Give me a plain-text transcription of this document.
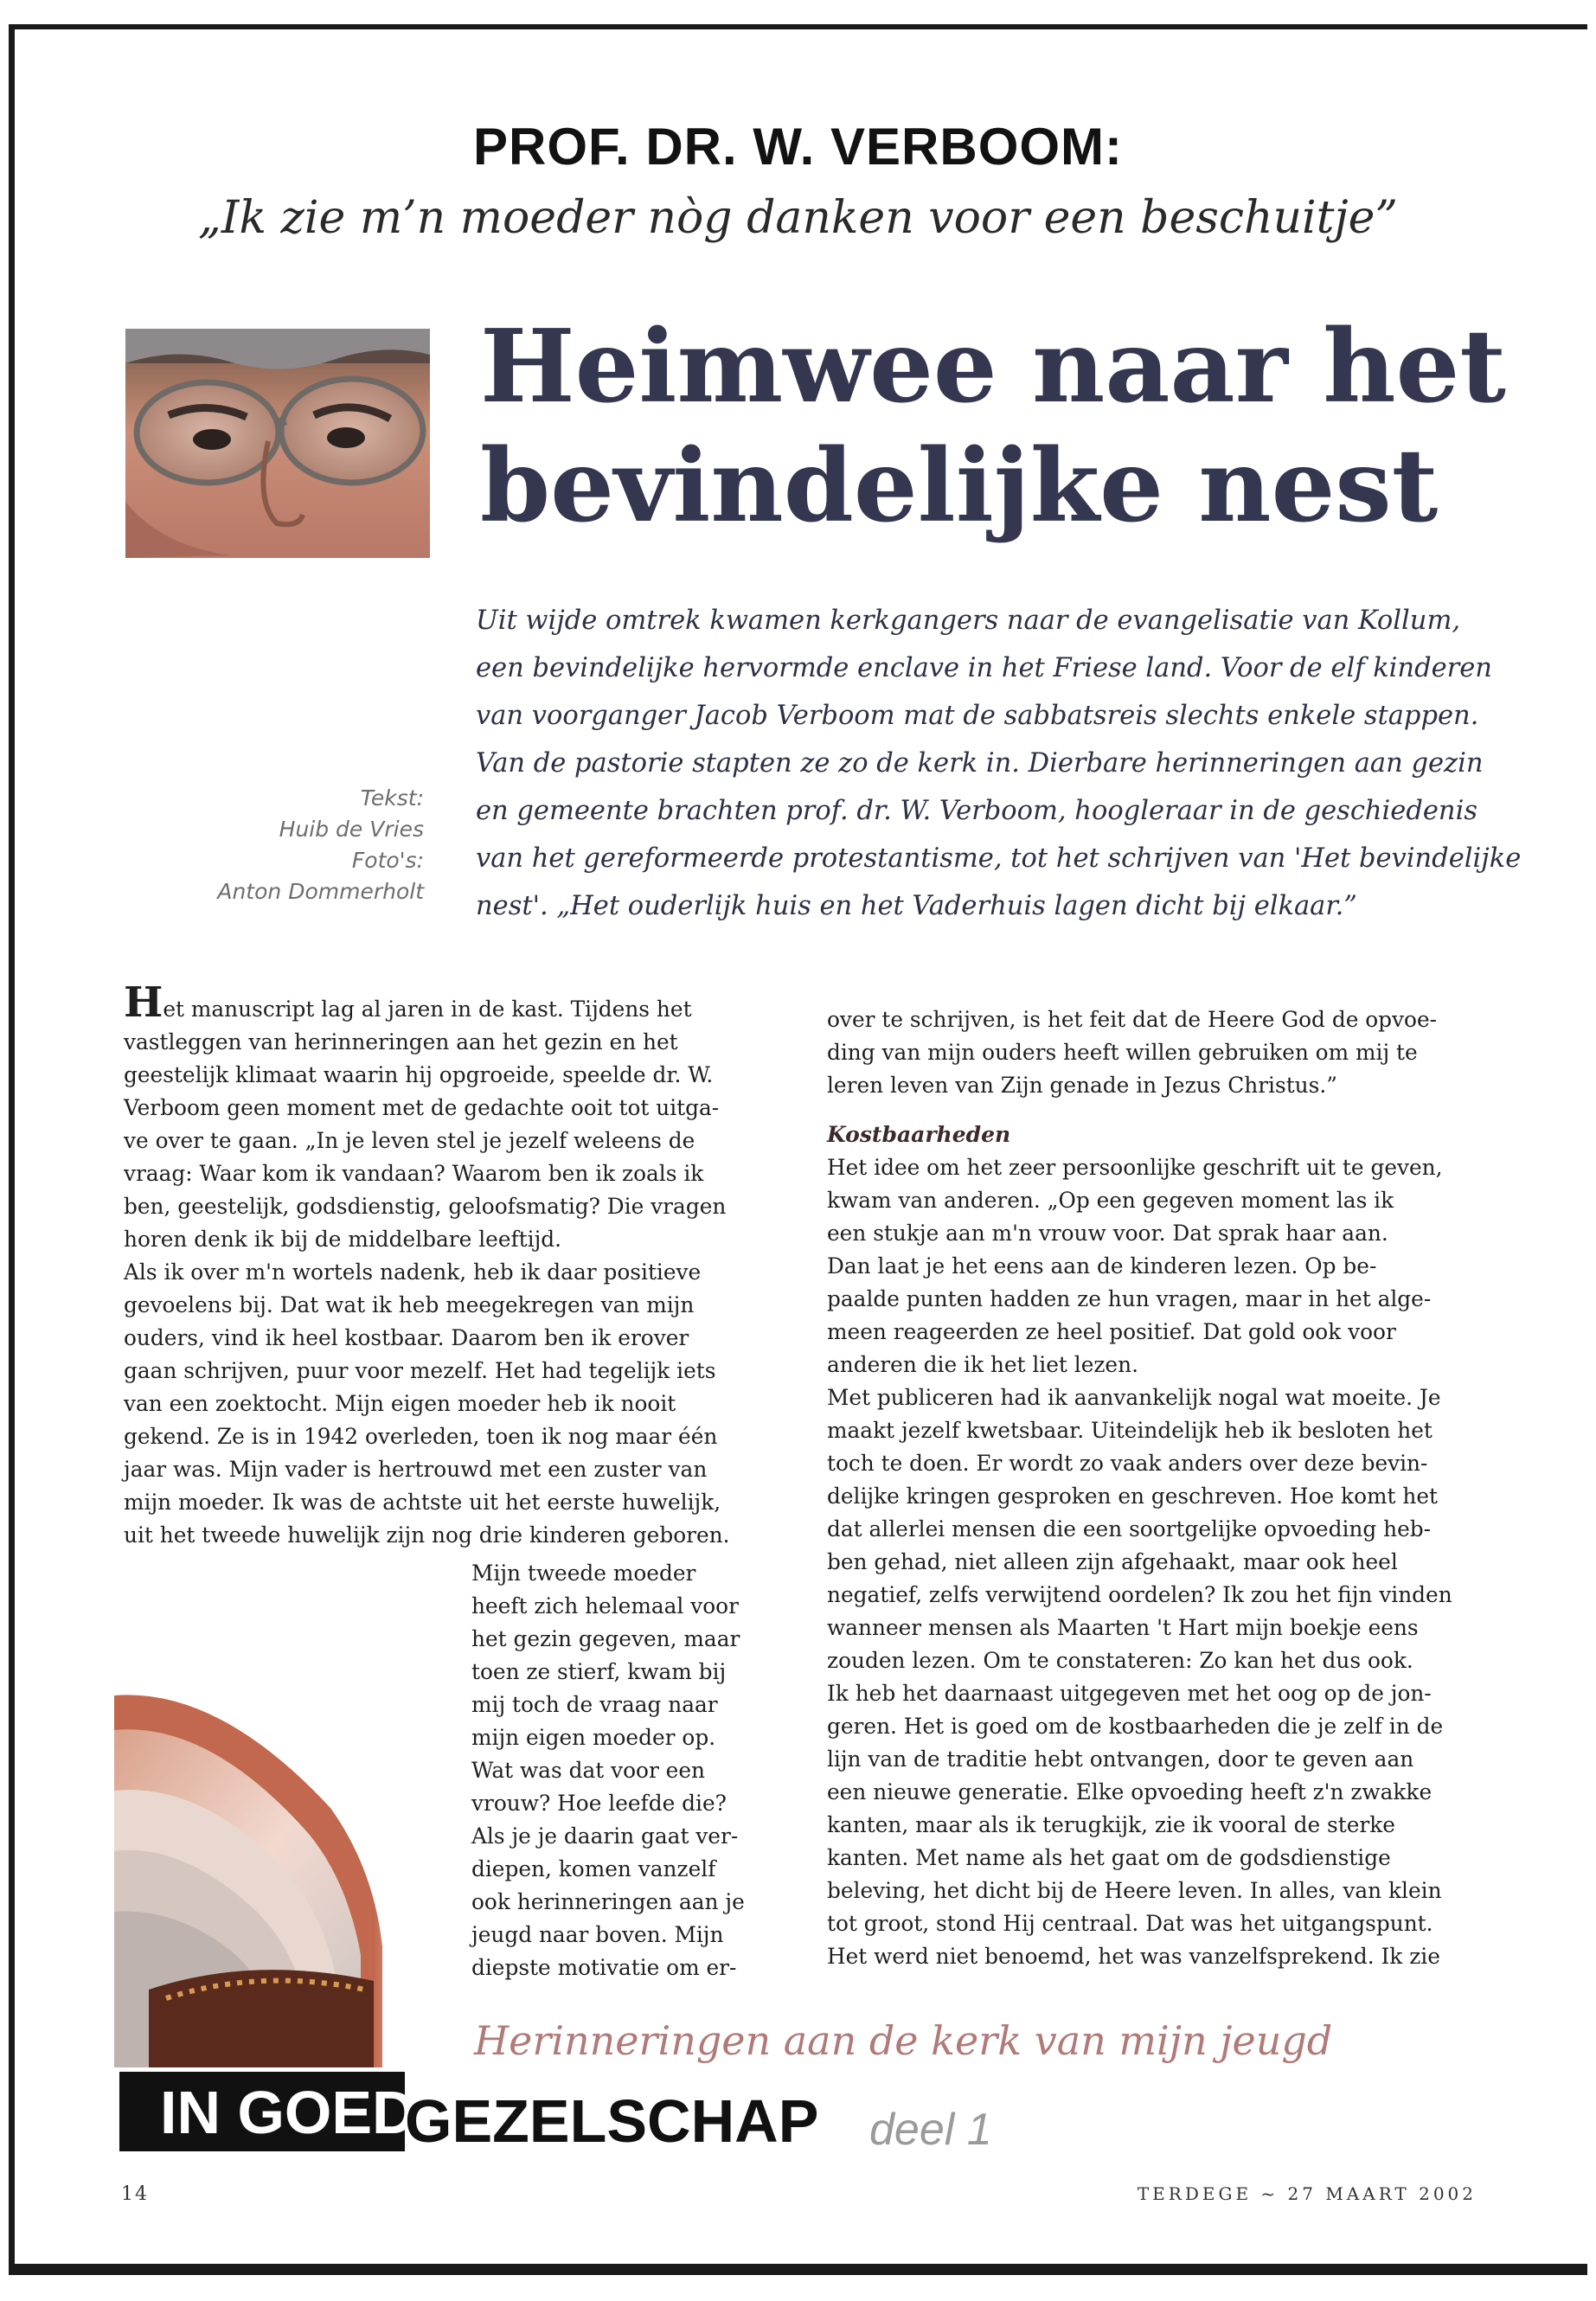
PROF. DR. W. VERBOOM:
„Ik zie m’n moeder nòg danken voor een beschuitje”
Heimwee naar het
bevindelijke nest
Tekst:
Huib de Vries
Foto's:
Anton Dommerholt
Uit wijde omtrek kwamen kerkgangers naar de evangelisatie van Kollum,
een bevindelijke hervormde enclave in het Friese land. Voor de elf kinderen
van voorganger Jacob Verboom mat de sabbatsreis slechts enkele stappen.
Van de pastorie stapten ze zo de kerk in. Dierbare herinneringen aan gezin
en gemeente brachten prof. dr. W. Verboom, hoogleraar in de geschiedenis
van het gereformeerde protestantisme, tot het schrijven van 'Het bevindelijke
nest'. „Het ouderlijk huis en het Vaderhuis lagen dicht bij elkaar.”
Het manuscript lag al jaren in de kast. Tijdens het
vastleggen van herinneringen aan het gezin en het
geestelijk klimaat waarin hij opgroeide, speelde dr. W.
Verboom geen moment met de gedachte ooit tot uitga-
ve over te gaan. „In je leven stel je jezelf weleens de
vraag: Waar kom ik vandaan? Waarom ben ik zoals ik
ben, geestelijk, godsdienstig, geloofsmatig? Die vragen
horen denk ik bij de middelbare leeftijd.
Als ik over m'n wortels nadenk, heb ik daar positieve
gevoelens bij. Dat wat ik heb meegekregen van mijn
ouders, vind ik heel kostbaar. Daarom ben ik erover
gaan schrijven, puur voor mezelf. Het had tegelijk iets
van een zoektocht. Mijn eigen moeder heb ik nooit
gekend. Ze is in 1942 overleden, toen ik nog maar één
jaar was. Mijn vader is hertrouwd met een zuster van
mijn moeder. Ik was de achtste uit het eerste huwelijk,
uit het tweede huwelijk zijn nog drie kinderen geboren.
Mijn tweede moeder
heeft zich helemaal voor
het gezin gegeven, maar
toen ze stierf, kwam bij
mij toch de vraag naar
mijn eigen moeder op.
Wat was dat voor een
vrouw? Hoe leefde die?
Als je je daarin gaat ver-
diepen, komen vanzelf
ook herinneringen aan je
jeugd naar boven. Mijn
diepste motivatie om er-
over te schrijven, is het feit dat de Heere God de opvoe-
ding van mijn ouders heeft willen gebruiken om mij te
leren leven van Zijn genade in Jezus Christus.”
Kostbaarheden
Het idee om het zeer persoonlijke geschrift uit te geven,
kwam van anderen. „Op een gegeven moment las ik
een stukje aan m'n vrouw voor. Dat sprak haar aan.
Dan laat je het eens aan de kinderen lezen. Op be-
paalde punten hadden ze hun vragen, maar in het alge-
meen reageerden ze heel positief. Dat gold ook voor
anderen die ik het liet lezen.
Met publiceren had ik aanvankelijk nogal wat moeite. Je
maakt jezelf kwetsbaar. Uiteindelijk heb ik besloten het
toch te doen. Er wordt zo vaak anders over deze bevin-
delijke kringen gesproken en geschreven. Hoe komt het
dat allerlei mensen die een soortgelijke opvoeding heb-
ben gehad, niet alleen zijn afgehaakt, maar ook heel
negatief, zelfs verwijtend oordelen? Ik zou het fijn vinden
wanneer mensen als Maarten 't Hart mijn boekje eens
zouden lezen. Om te constateren: Zo kan het dus ook.
Ik heb het daarnaast uitgegeven met het oog op de jon-
geren. Het is goed om de kostbaarheden die je zelf in de
lijn van de traditie hebt ontvangen, door te geven aan
een nieuwe generatie. Elke opvoeding heeft z'n zwakke
kanten, maar als ik terugkijk, zie ik vooral de sterke
kanten. Met name als het gaat om de godsdienstige
beleving, het dicht bij de Heere leven. In alles, van klein
tot groot, stond Hij centraal. Dat was het uitgangspunt.
Het werd niet benoemd, het was vanzelfsprekend. Ik zie
Herinneringen aan de kerk van mijn jeugd
IN GOED
GEZELSCHAP deel 1
14	TERDEGE ~ 27 MAART 2002
